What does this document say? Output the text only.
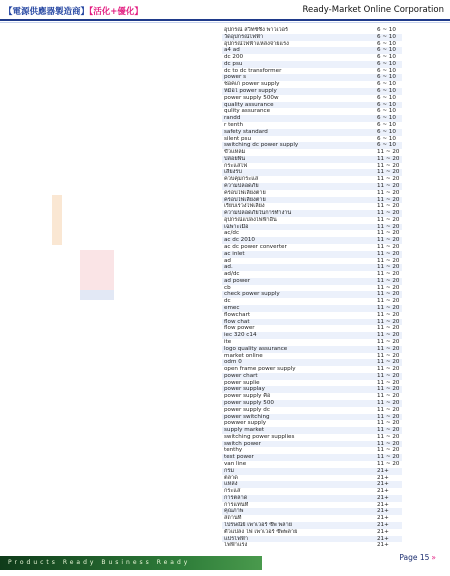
【電源供應器製造商】【活化+優化】	Ready-Market Online Corporation
อุปกรณ์ สวิทช์ชิ่ง พาวเวอร์	6 ~ 10
วัดอุปกรณ์ไฟฟ้า	6 ~ 10
อุปกรณ์ไฟฟ้าแหล่งจ่ายแรง	6 ~ 10
a4 ad	6 ~ 10
dc 200	6 ~ 10
dc psu	6 ~ 10
dc to dc transformer	6 ~ 10
power s	6 ~ 10
ชอคเก power supply	6 ~ 10
หม้อไ power supply	6 ~ 10
power supply 500w	6 ~ 10
quality assurance	6 ~ 10
qulity assurance	6 ~ 10
randd	6 ~ 10
r tenth	6 ~ 10
safety standard	6 ~ 10
silent psu	6 ~ 10
switching dc power supply	6 ~ 10
ขั้วแหลม	11 ~ 20
ปล่อยพื้น	11 ~ 20
กระแสไฟ	11 ~ 20
เสียงรบ	11 ~ 20
ควบคุมกระแส	11 ~ 20
ความปลอดภัย	11 ~ 20
ครอบไฟเลี้ยงตาย	11 ~ 20
ครอบไฟเลี้ยงตาย	11 ~ 20
เรียบเรวงไฟเลี้ยง	11 ~ 20
ความปลอดภัยในการทำงาน	11 ~ 20
อุปกรณ์แปลงไฟฟ้าอื่น	11 ~ 20
เฉพาะเมื่อ	11 ~ 20
ac/dc	11 ~ 20
ac dc 2010	11 ~ 20
ac dc power converter	11 ~ 20
ac inlet	11 ~ 20
ad	11 ~ 20
ad.	11 ~ 20
ad/dc	11 ~ 20
ad power	11 ~ 20
cb	11 ~ 20
check power supply	11 ~ 20
dc	11 ~ 20
emec	11 ~ 20
flowchart	11 ~ 20
flow chat	11 ~ 20
flow power	11 ~ 20
iec 320 c14	11 ~ 20
ite	11 ~ 20
logo quality assurance	11 ~ 20
market online	11 ~ 20
odm 0	11 ~ 20
open frame power supply	11 ~ 20
power chart	11 ~ 20
power suplie	11 ~ 20
power supplay	11 ~ 20
power supply คือ	11 ~ 20
power supply 500	11 ~ 20
power supply dc	11 ~ 20
power switching	11 ~ 20
powwer supply	11 ~ 20
supply market	11 ~ 20
switching power supplies	11 ~ 20
switch power	11 ~ 20
tenthy	11 ~ 20
test power	11 ~ 20
van line	11 ~ 20
กรม	21+
ตลาด	21+
แหล่ง	21+
กระแส	21+
การตลาด	21+
การแทนที่	21+
คุณภาพ	21+
สถานที่	21+
ไปรษณีย์ เพาเวอร์ ซัพ พลาย	21+
ตัวแปลง ไฟ เพาเวอร์ ซัพพลาย	21+
แปรไฟฟ้า	21+
ไฟฟ้าแรง	21+
Products Ready Business Ready
Page 15 »
